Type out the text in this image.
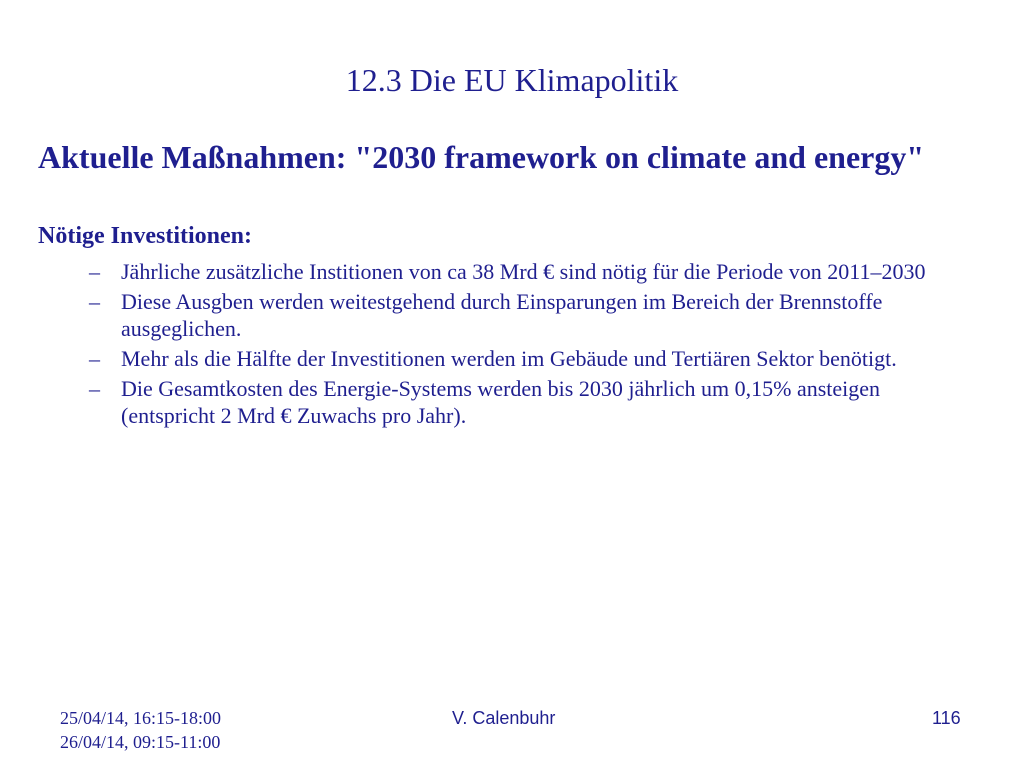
12.3 Die EU Klimapolitik
Aktuelle Maßnahmen: "2030 framework on climate and energy"
Nötige Investitionen:
– Jährliche zusätzliche Institionen von ca 38 Mrd € sind nötig für die Periode von 2011–2030
– Diese Ausgben werden weitestgehend durch Einsparungen im Bereich der Brennstoffe ausgeglichen.
– Mehr als die Hälfte der Investitionen werden im Gebäude und Tertiären Sektor benötigt.
– Die Gesamtkosten des Energie-Systems werden bis 2030 jährlich um 0,15% ansteigen (entspricht 2 Mrd € Zuwachs pro Jahr).
25/04/14, 16:15-18:00
26/04/14, 09:15-11:00
V. Calenbuhr	116
